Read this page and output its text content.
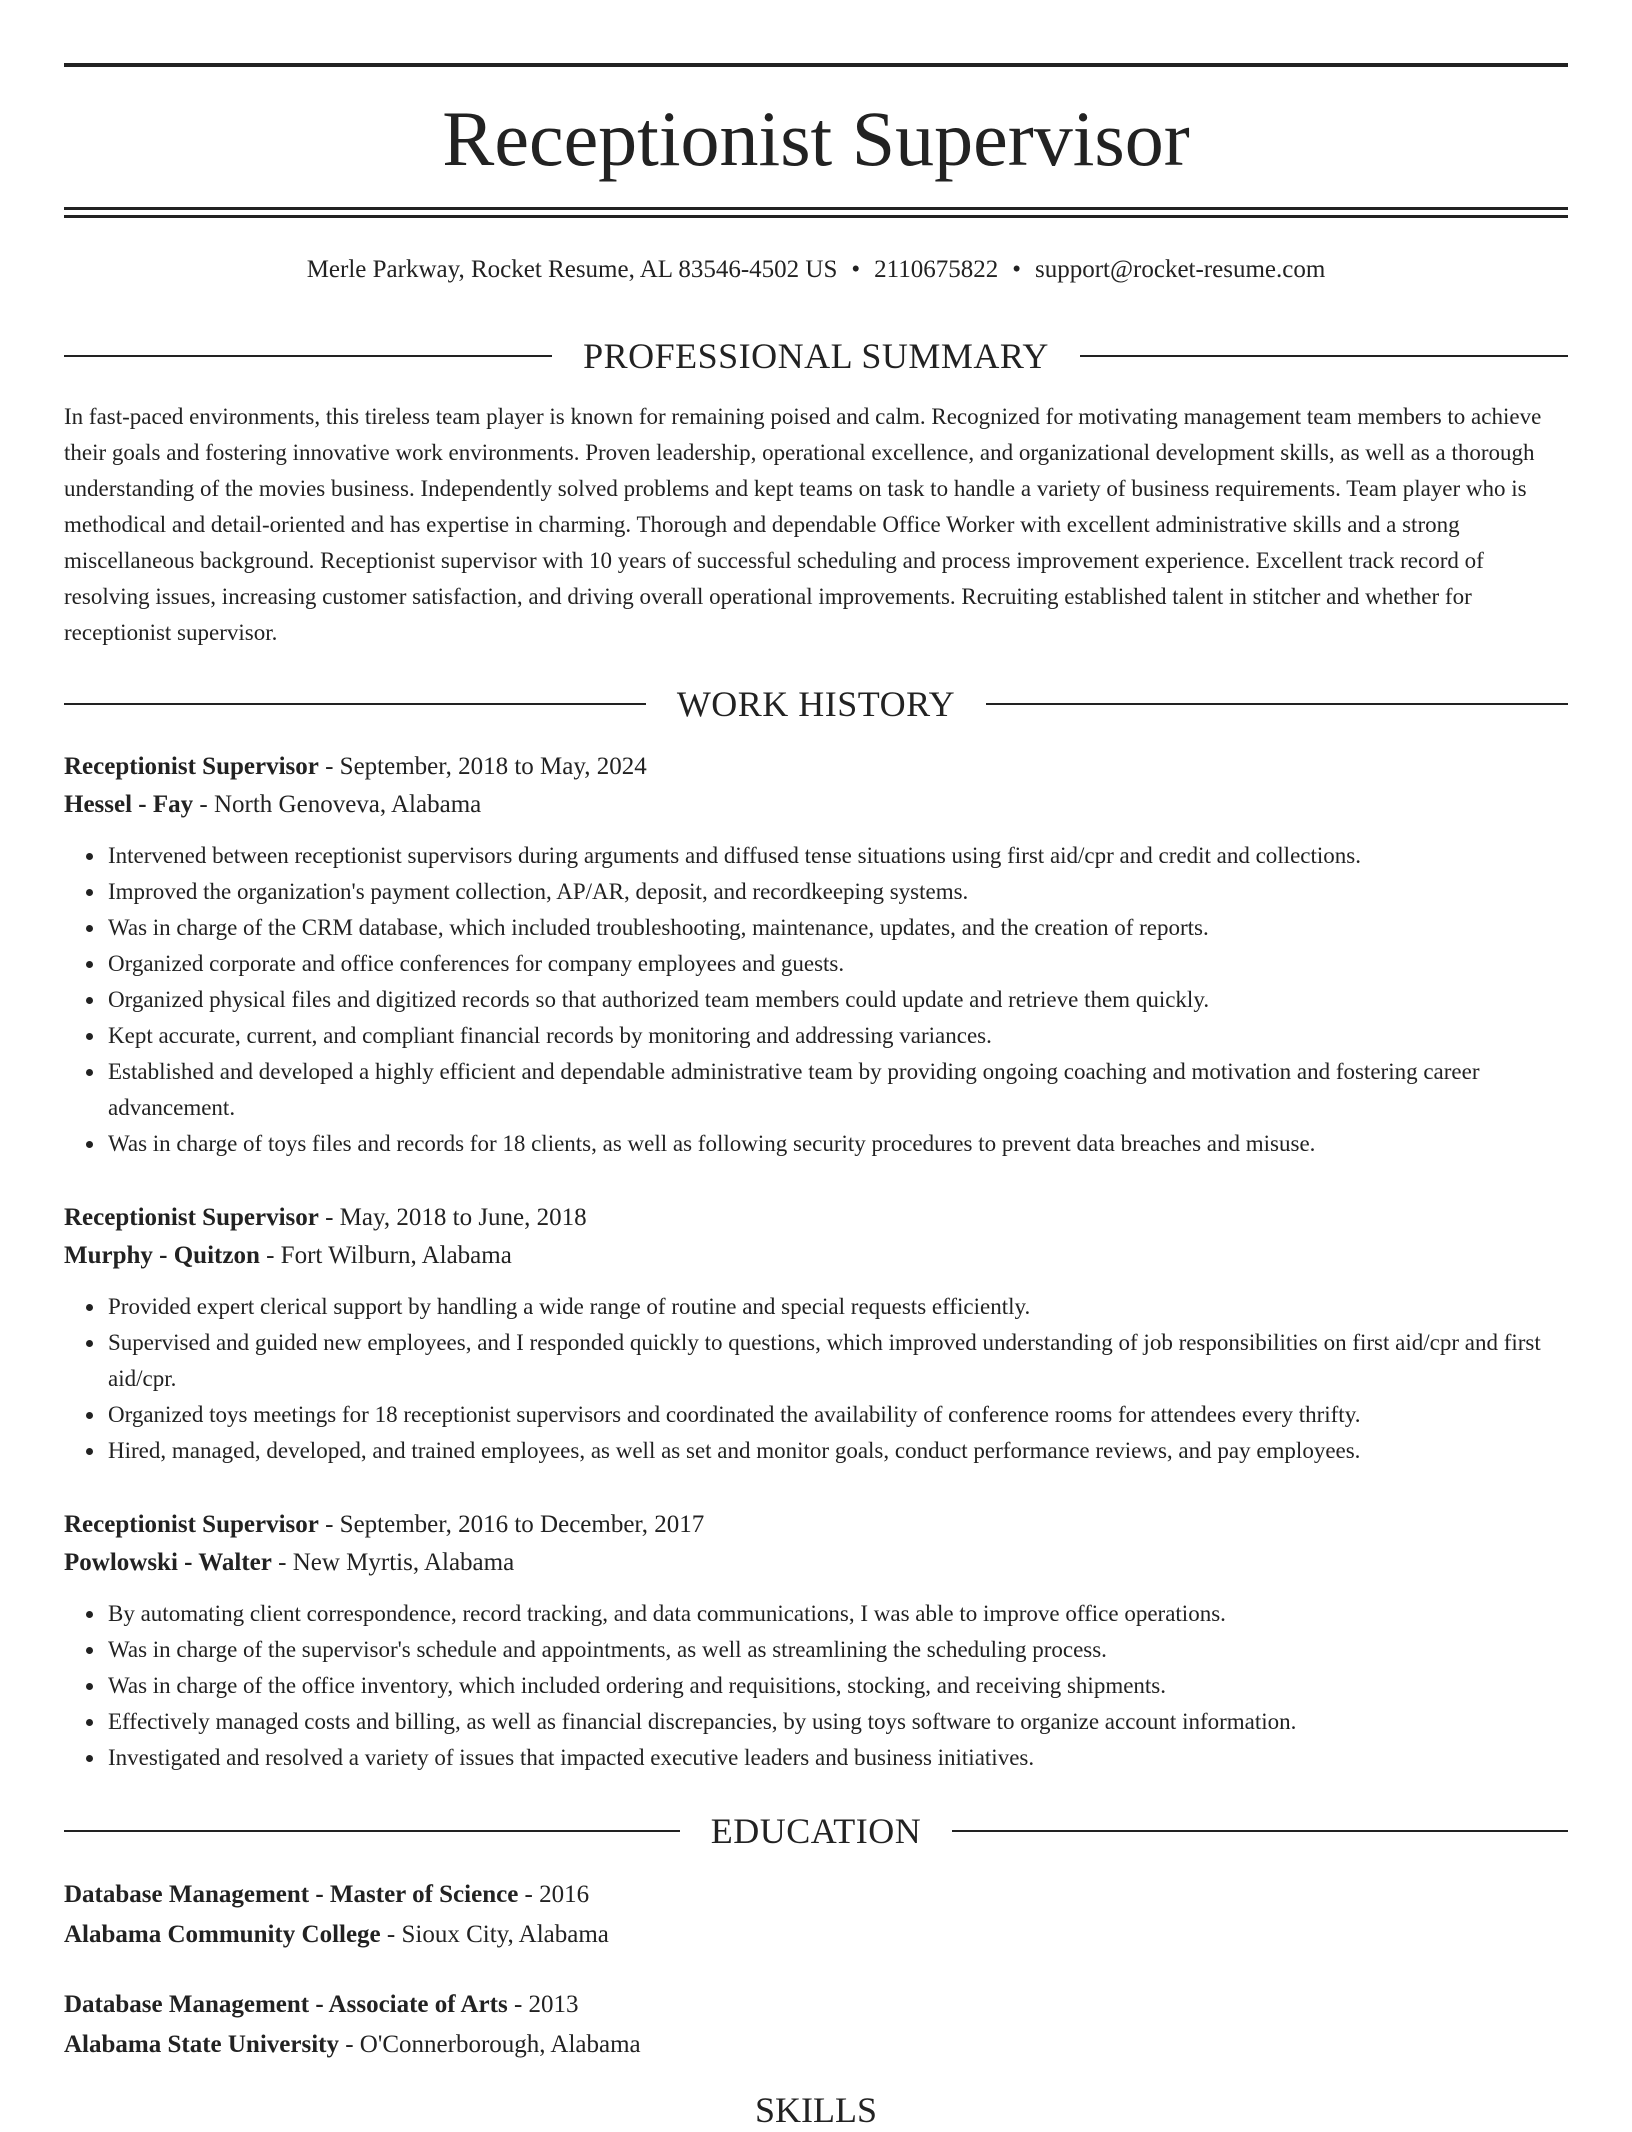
Receptionist Supervisor
Merle Parkway, Rocket Resume, AL 83546-4502 US • 2110675822 • support@rocket-resume.com
PROFESSIONAL SUMMARY

In fast-paced environments, this tireless team player is known for remaining poised and calm. Recognized for motivating management team members to achieve their goals and fostering innovative work environments. Proven leadership, operational excellence, and organizational development skills, as well as a thorough understanding of the movies business. Independently solved problems and kept teams on task to handle a variety of business requirements. Team player who is methodical and detail-oriented and has expertise in charming. Thorough and dependable Office Worker with excellent administrative skills and a strong miscellaneous background. Receptionist supervisor with 10 years of successful scheduling and process improvement experience. Excellent track record of resolving issues, increasing customer satisfaction, and driving overall operational improvements. Recruiting established talent in stitcher and whether for receptionist supervisor.

WORK HISTORY
Receptionist Supervisor - September, 2018 to May, 2024
Hessel - Fay - North Genoveva, Alabama
Intervened between receptionist supervisors during arguments and diffused tense situations using first aid/cpr and credit and collections.
Improved the organization's payment collection, AP/AR, deposit, and recordkeeping systems.
Was in charge of the CRM database, which included troubleshooting, maintenance, updates, and the creation of reports.
Organized corporate and office conferences for company employees and guests.
Organized physical files and digitized records so that authorized team members could update and retrieve them quickly.
Kept accurate, current, and compliant financial records by monitoring and addressing variances.
Established and developed a highly efficient and dependable administrative team by providing ongoing coaching and motivation and fostering career advancement.
Was in charge of toys files and records for 18 clients, as well as following security procedures to prevent data breaches and misuse.
Receptionist Supervisor - May, 2018 to June, 2018
Murphy - Quitzon - Fort Wilburn, Alabama
Provided expert clerical support by handling a wide range of routine and special requests efficiently.
Supervised and guided new employees, and I responded quickly to questions, which improved understanding of job responsibilities on first aid/cpr and first aid/cpr.
Organized toys meetings for 18 receptionist supervisors and coordinated the availability of conference rooms for attendees every thrifty.
Hired, managed, developed, and trained employees, as well as set and monitor goals, conduct performance reviews, and pay employees.
Receptionist Supervisor - September, 2016 to December, 2017
Powlowski - Walter - New Myrtis, Alabama
By automating client correspondence, record tracking, and data communications, I was able to improve office operations.
Was in charge of the supervisor's schedule and appointments, as well as streamlining the scheduling process.
Was in charge of the office inventory, which included ordering and requisitions, stocking, and receiving shipments.
Effectively managed costs and billing, as well as financial discrepancies, by using toys software to organize account information.
Investigated and resolved a variety of issues that impacted executive leaders and business initiatives.
EDUCATION
Database Management - Master of Science - 2016
Alabama Community College - Sioux City, Alabama
Database Management - Associate of Arts - 2013
Alabama State University - O'Connerborough, Alabama
SKILLS
